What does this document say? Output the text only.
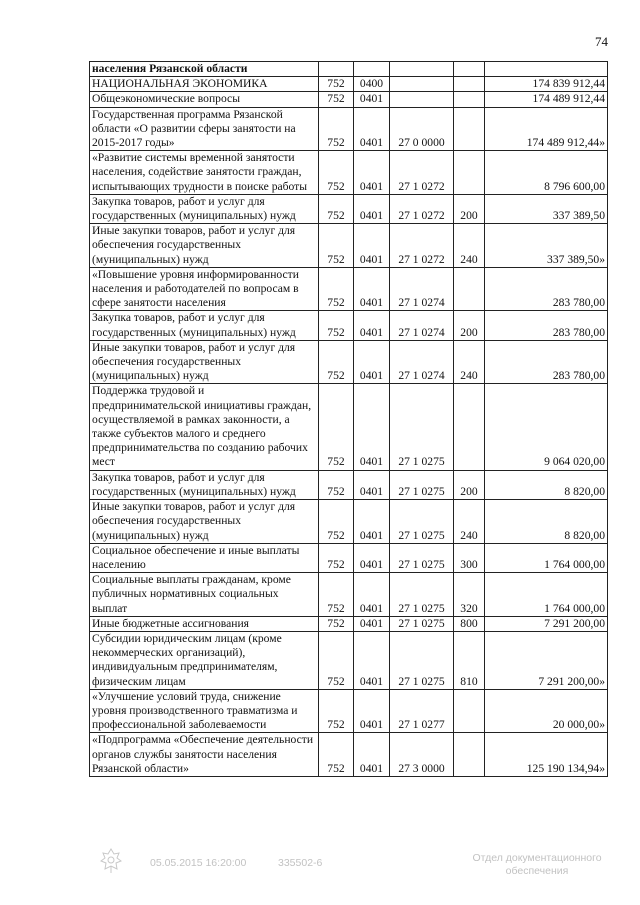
74
населения Рязанской области					
НАЦИОНАЛЬНАЯ ЭКОНОМИКА	752	0400			174 839 912,44
Общеэкономические вопросы	752	0401			174 489 912,44
Государственная программа Рязанской области «О развитии сферы занятости на 2015-2017 годы»	752	0401	27 0 0000		174 489 912,44»
«Развитие системы временной занятости населения, содействие занятости граждан, испытывающих трудности в поиске работы	752	0401	27 1 0272		8 796 600,00
Закупка товаров, работ и услуг для государственных (муниципальных) нужд	752	0401	27 1 0272	200	337 389,50
Иные закупки товаров, работ и услуг для обеспечения государственных (муниципальных) нужд	752	0401	27 1 0272	240	337 389,50»
«Повышение уровня информированности населения и работодателей по вопросам в сфере занятости населения	752	0401	27 1 0274		283 780,00
Закупка товаров, работ и услуг для государственных (муниципальных) нужд	752	0401	27 1 0274	200	283 780,00
Иные закупки товаров, работ и услуг для обеспечения государственных (муниципальных) нужд	752	0401	27 1 0274	240	283 780,00
Поддержка трудовой и предпринимательской инициативы граждан, осуществляемой в рамках законности, а также субъектов малого и среднего предпринимательства по созданию рабочих мест	752	0401	27 1 0275		9 064 020,00
Закупка товаров, работ и услуг для государственных (муниципальных) нужд	752	0401	27 1 0275	200	8 820,00
Иные закупки товаров, работ и услуг для обеспечения государственных (муниципальных) нужд	752	0401	27 1 0275	240	8 820,00
Социальное обеспечение и иные выплаты населению	752	0401	27 1 0275	300	1 764 000,00
Социальные выплаты гражданам, кроме публичных нормативных социальных выплат	752	0401	27 1 0275	320	1 764 000,00
Иные бюджетные ассигнования	752	0401	27 1 0275	800	7 291 200,00
Субсидии юридическим лицам (кроме некоммерческих организаций), индивидуальным предпринимателям, физическим лицам	752	0401	27 1 0275	810	7 291 200,00»
«Улучшение условий труда, снижение уровня производственного травматизма и профессиональной заболеваемости	752	0401	27 1 0277		20 000,00»
«Подпрограмма «Обеспечение деятельности органов службы занятости населения Рязанской области»	752	0401	27 3 0000		125 190 134,94»
05.05.2015 16:20:00	335502-6	Отдел документационного
обеспечения
